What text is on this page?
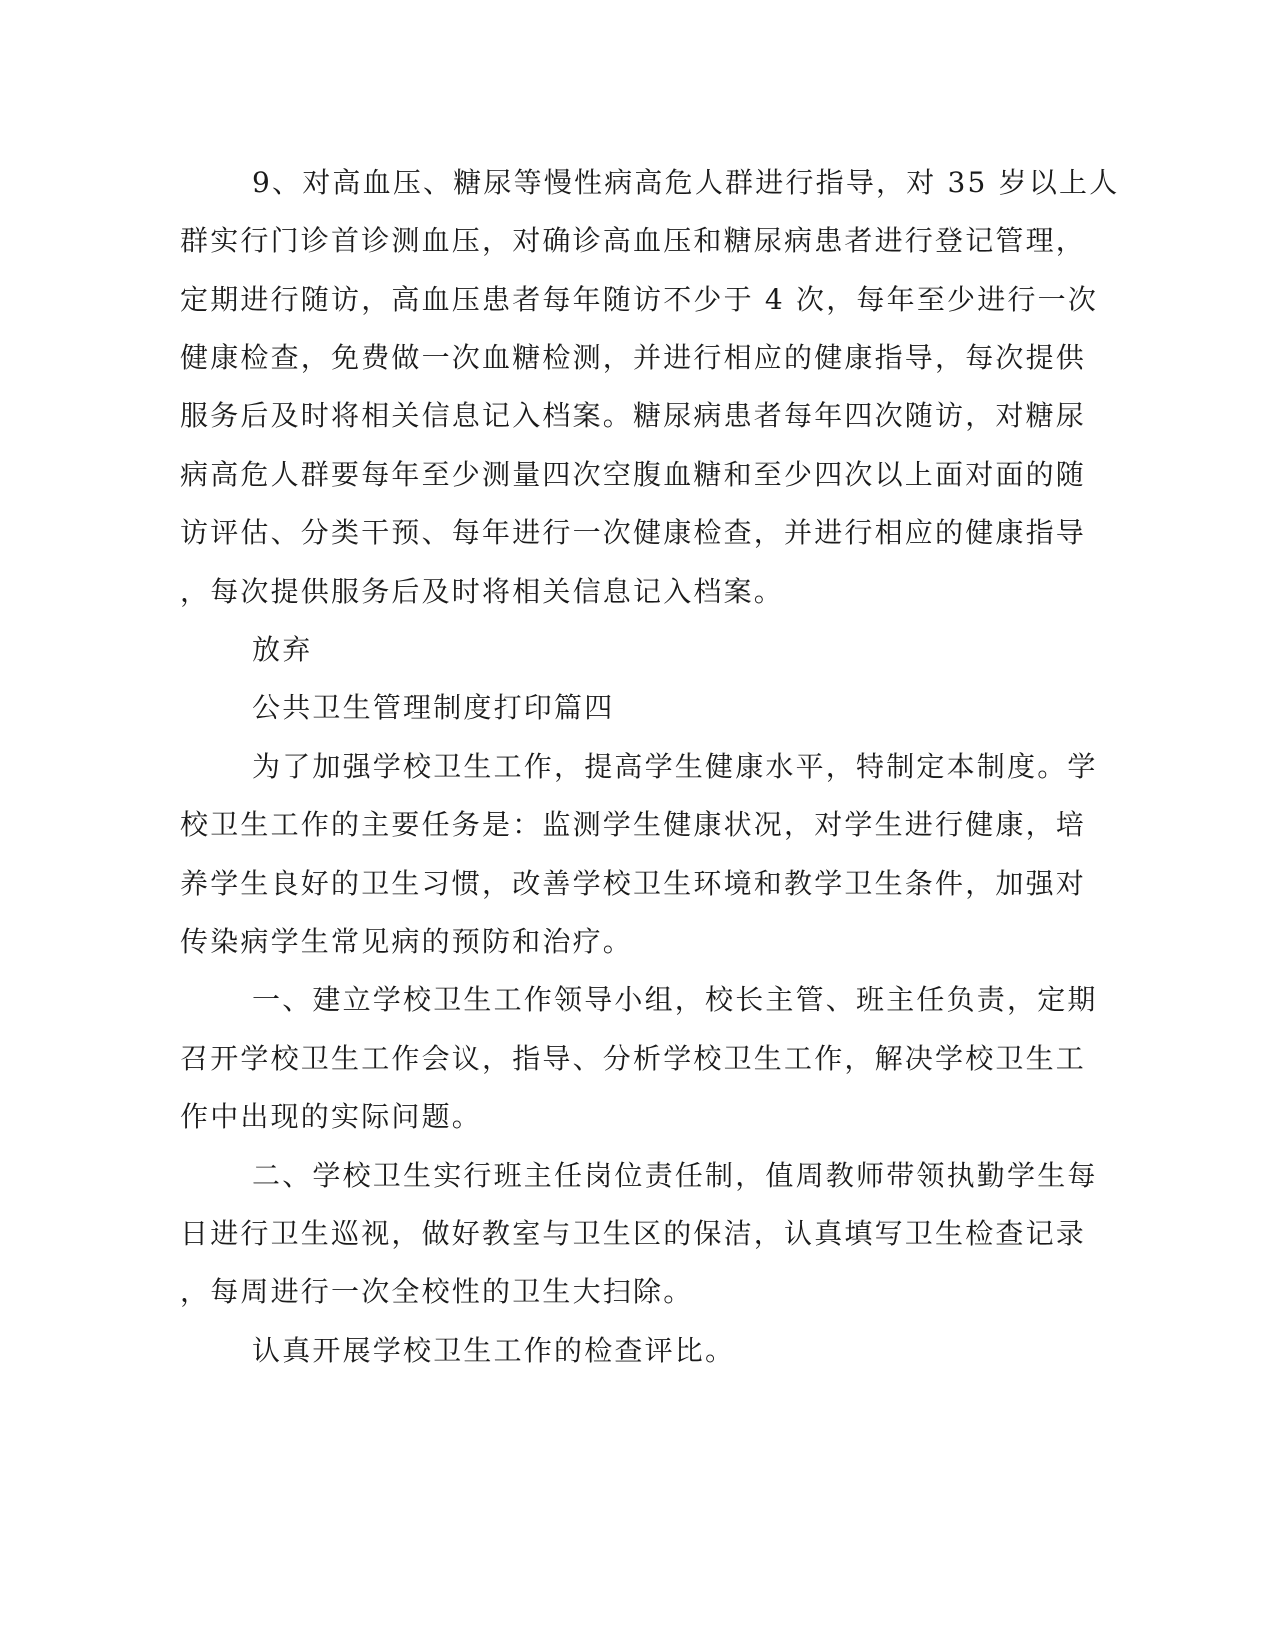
9、对高血压、糖尿等慢性病高危人群进行指导，对 35 岁以上人
群实行门诊首诊测血压，对确诊高血压和糖尿病患者进行登记管理，
定期进行随访，高血压患者每年随访不少于 4 次，每年至少进行一次
健康检查，免费做一次血糖检测，并进行相应的健康指导，每次提供
服务后及时将相关信息记入档案。糖尿病患者每年四次随访，对糖尿
病高危人群要每年至少测量四次空腹血糖和至少四次以上面对面的随
访评估、分类干预、每年进行一次健康检查，并进行相应的健康指导
，每次提供服务后及时将相关信息记入档案。
放弃
公共卫生管理制度打印篇四
为了加强学校卫生工作，提高学生健康水平，特制定本制度。学
校卫生工作的主要任务是：监测学生健康状况，对学生进行健康，培
养学生良好的卫生习惯，改善学校卫生环境和教学卫生条件，加强对
传染病学生常见病的预防和治疗。
一、建立学校卫生工作领导小组，校长主管、班主任负责，定期
召开学校卫生工作会议，指导、分析学校卫生工作，解决学校卫生工
作中出现的实际问题。
二、学校卫生实行班主任岗位责任制，值周教师带领执勤学生每
日进行卫生巡视，做好教室与卫生区的保洁，认真填写卫生检查记录
，每周进行一次全校性的卫生大扫除。
认真开展学校卫生工作的检查评比。
